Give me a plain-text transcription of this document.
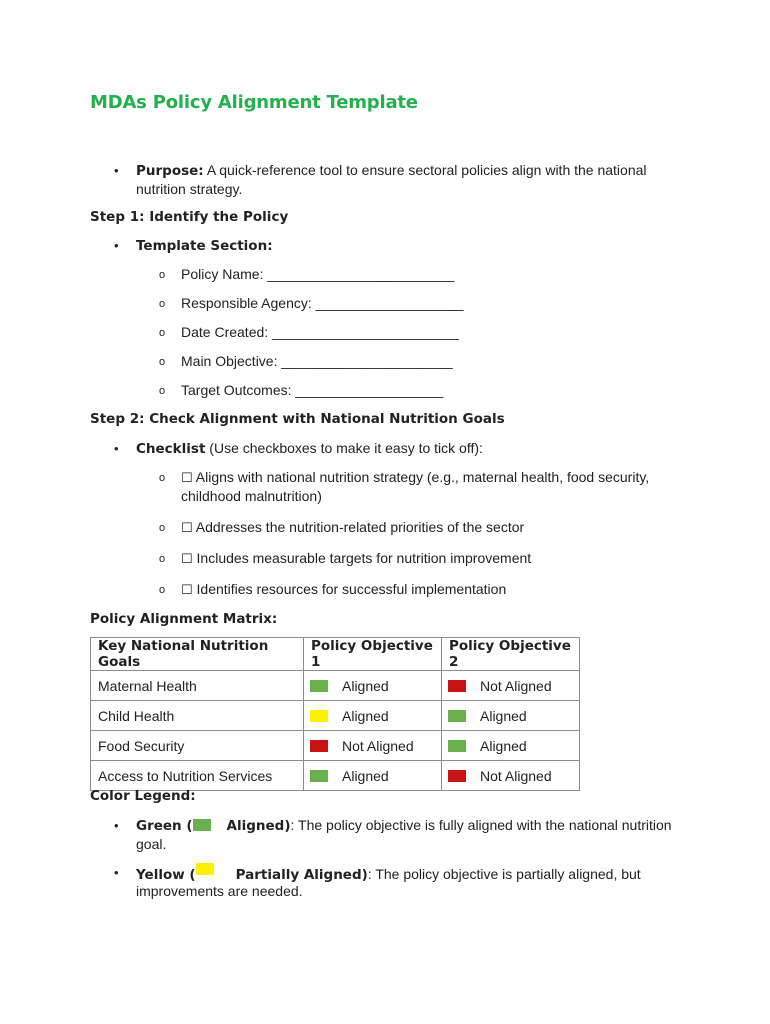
MDAs Policy Alignment Template
• Purpose: A quick-reference tool to ensure sectoral policies align with the national
nutrition strategy.
Step 1: Identify the Policy
• Template Section:
o Policy Name: ________________________
o Responsible Agency: ___________________
o Date Created: ________________________
o Main Objective: ______________________
o Target Outcomes: ___________________
Step 2: Check Alignment with National Nutrition Goals
• Checklist (Use checkboxes to make it easy to tick off):
o ☐ Aligns with national nutrition strategy (e.g., maternal health, food security,
childhood malnutrition)
o ☐ Addresses the nutrition-related priorities of the sector
o ☐ Includes measurable targets for nutrition improvement
o ☐ Identifies resources for successful implementation
Policy Alignment Matrix:
Key National Nutrition Goals	Policy Objective 1	Policy Objective 2
Maternal Health	Aligned	Not Aligned
Child Health	Aligned	Aligned
Food Security	Not Aligned	Aligned
Access to Nutrition Services	Aligned	Not Aligned
Color Legend:
• Green (	Aligned): The policy objective is fully aligned with the national nutrition
goal.
• Yellow (	Partially Aligned): The policy objective is partially aligned, but
improvements are needed.
